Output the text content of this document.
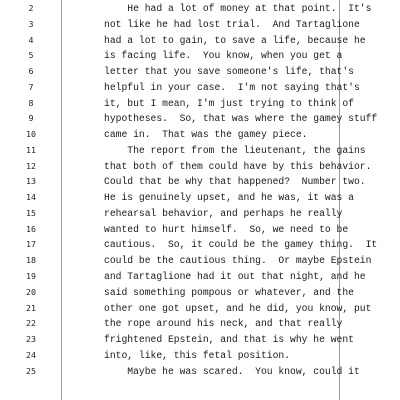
2	He had a lot of money at that point.  It's
3	not like he had lost trial.  And Tartaglione
4	had a lot to gain, to save a life, because he
5	is facing life.  You know, when you get a
6	letter that you save someone's life, that's
7	helpful in your case.  I'm not saying that's
8	it, but I mean, I'm just trying to think of
9	hypotheses.  So, that was where the gamey stuff
10	came in.  That was the gamey piece.
11	The report from the lieutenant, the gains
12	that both of them could have by this behavior.
13	Could that be why that happened?  Number two.
14	He is genuinely upset, and he was, it was a
15	rehearsal behavior, and perhaps he really
16	wanted to hurt himself.  So, we need to be
17	cautious.  So, it could be the gamey thing.  It
18	could be the cautious thing.  Or maybe Epstein
19	and Tartaglione had it out that night, and he
20	said something pompous or whatever, and the
21	other one got upset, and he did, you know, put
22	the rope around his neck, and that really
23	frightened Epstein, and that is why he went
24	into, like, this fetal position.
25	Maybe he was scared.  You know, could it
